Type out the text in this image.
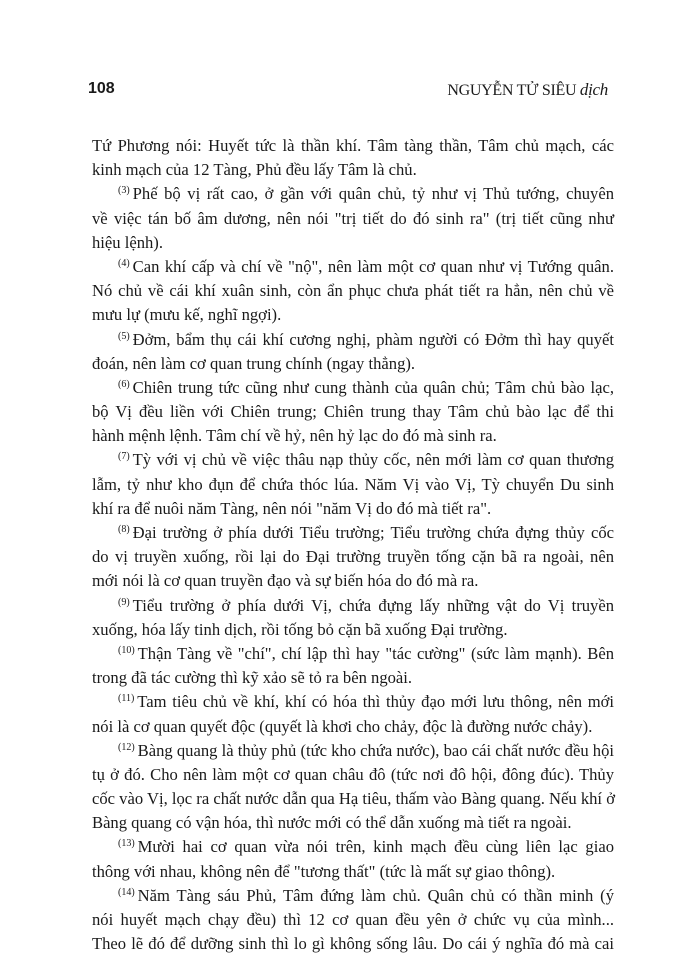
108	NGUYỄN TỬ SIÊU dịch
Tứ Phương nói: Huyết tức là thần khí. Tâm tàng thần, Tâm chủ mạch, các
kinh mạch của 12 Tàng, Phủ đều lấy Tâm là chủ.
$^{(3)}$ Phế bộ vị rất cao, ở gần với quân chủ, tỷ như vị Thủ tướng, chuyên
về việc tán bố âm dương, nên nói "trị tiết do đó sinh ra" (trị tiết cũng như
hiệu lệnh).
$^{(4)}$ Can khí cấp và chí về "nộ", nên làm một cơ quan như vị Tướng quân.
Nó chủ về cái khí xuân sinh, còn ẩn phục chưa phát tiết ra hẳn, nên chủ về
mưu lự (mưu kế, nghĩ ngợi).
$^{(5)}$ Đởm, bẩm thụ cái khí cương nghị, phàm người có Đởm thì hay quyết
đoán, nên làm cơ quan trung chính (ngay thẳng).
$^{(6)}$ Chiên trung tức cũng như cung thành của quân chủ; Tâm chủ bào lạc,
bộ Vị đều liền với Chiên trung; Chiên trung thay Tâm chủ bào lạc để thi
hành mệnh lệnh. Tâm chí về hỷ, nên hỷ lạc do đó mà sinh ra.
$^{(7)}$ Tỳ với vị chủ về việc thâu nạp thủy cốc, nên mới làm cơ quan thương
lẫm, tỷ như kho đụn để chứa thóc lúa. Năm Vị vào Vị, Tỳ chuyển Du sinh
khí ra để nuôi năm Tàng, nên nói "năm Vị do đó mà tiết ra".
$^{(8)}$ Đại trường ở phía dưới Tiểu trường; Tiểu trường chứa đựng thủy cốc
do vị truyền xuống, rồi lại do Đại trường truyền tống cặn bã ra ngoài, nên
mới nói là cơ quan truyền đạo và sự biến hóa do đó mà ra.
$^{(9)}$ Tiểu trường ở phía dưới Vị, chứa đựng lấy những vật do Vị truyền
xuống, hóa lấy tinh dịch, rồi tống bỏ cặn bã xuống Đại trường.
$^{(10)}$ Thận Tàng về "chí", chí lập thì hay "tác cường" (sức làm mạnh). Bên
trong đã tác cường thì kỹ xảo sẽ tỏ ra bên ngoài.
$^{(11)}$ Tam tiêu chủ về khí, khí có hóa thì thủy đạo mới lưu thông, nên mới
nói là cơ quan quyết độc (quyết là khơi cho chảy, độc là đường nước chảy).
$^{(12)}$ Bàng quang là thủy phủ (tức kho chứa nước), bao cái chất nước đều hội
tụ ở đó. Cho nên làm một cơ quan châu đô (tức nơi đô hội, đông đúc). Thủy
cốc vào Vị, lọc ra chất nước dẫn qua Hạ tiêu, thấm vào Bàng quang. Nếu khí ở
Bàng quang có vận hóa, thì nước mới có thể dẫn xuống mà tiết ra ngoài.
$^{(13)}$ Mười hai cơ quan vừa nói trên, kinh mạch đều cùng liên lạc giao
thông với nhau, không nên để "tương thất" (tức là mất sự giao thông).
$^{(14)}$ Năm Tàng sáu Phủ, Tâm đứng làm chủ. Quân chủ có thần minh (ý
nói huyết mạch chạy đều) thì 12 cơ quan đều yên ở chức vụ của mình...
Theo lẽ đó để dưỡng sinh thì lo gì không sống lâu. Do cái ý nghĩa đó mà cai
